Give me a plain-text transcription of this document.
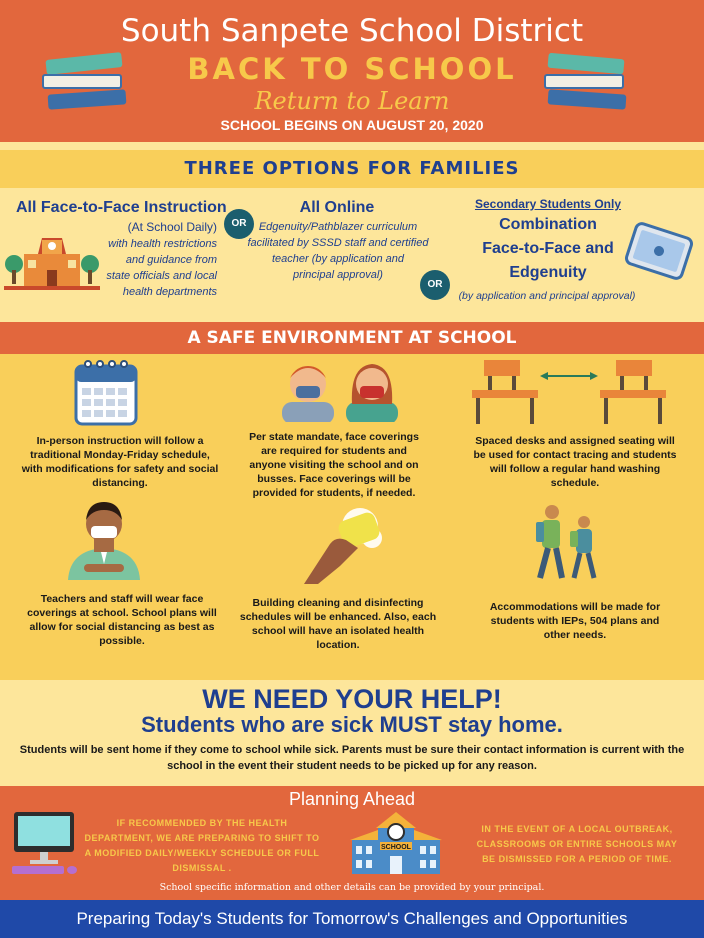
South Sanpete School District
BACK TO SCHOOL
Return to Learn
SCHOOL BEGINS ON AUGUST 20, 2020
THREE OPTIONS FOR FAMILIES
All Face-to-Face Instruction
(At School Daily)
with health restrictions
and guidance from
state officials and local
health departments
OR
All Online
Edgenuity/Pathblazer curriculum
facilitated by SSSD staff and certified
teacher (by application and
principal approval)
OR
Secondary Students Only
Combination
Face-to-Face and
Edgenuity
(by application and principal approval)
A SAFE ENVIRONMENT AT SCHOOL
In-person instruction will follow a traditional Monday-Friday schedule, with modifications for safety and social distancing.
Per state mandate, face coverings are required for students and anyone visiting the school and on busses. Face coverings will be provided for students, if needed.
Spaced desks and assigned seating will be used for contact tracing and students will follow a regular hand washing schedule.
Teachers and staff will wear face coverings at school. School plans will allow for social distancing as best as possible.
Building cleaning and disinfecting schedules will be enhanced. Also, each school will have an isolated health location.
Accommodations will be made for students with IEPs, 504 plans and other needs.
WE NEED YOUR HELP!
Students who are sick MUST stay home.
Students will be sent home if they come to school while sick. Parents must be sure their contact information is current with the school in the event their student needs to be picked up for any reason.
Planning Ahead
IF RECOMMENDED BY THE HEALTH DEPARTMENT, WE ARE PREPARING TO SHIFT TO A MODIFIED DAILY/WEEKLY SCHEDULE OR FULL DISMISSAL .
SCHOOL
IN THE EVENT OF A LOCAL OUTBREAK, CLASSROOMS OR ENTIRE SCHOOLS MAY BE DISMISSED FOR A PERIOD OF TIME.
School specific information and other details can be provided by your principal.
Preparing Today's Students for Tomorrow's Challenges and Opportunities
